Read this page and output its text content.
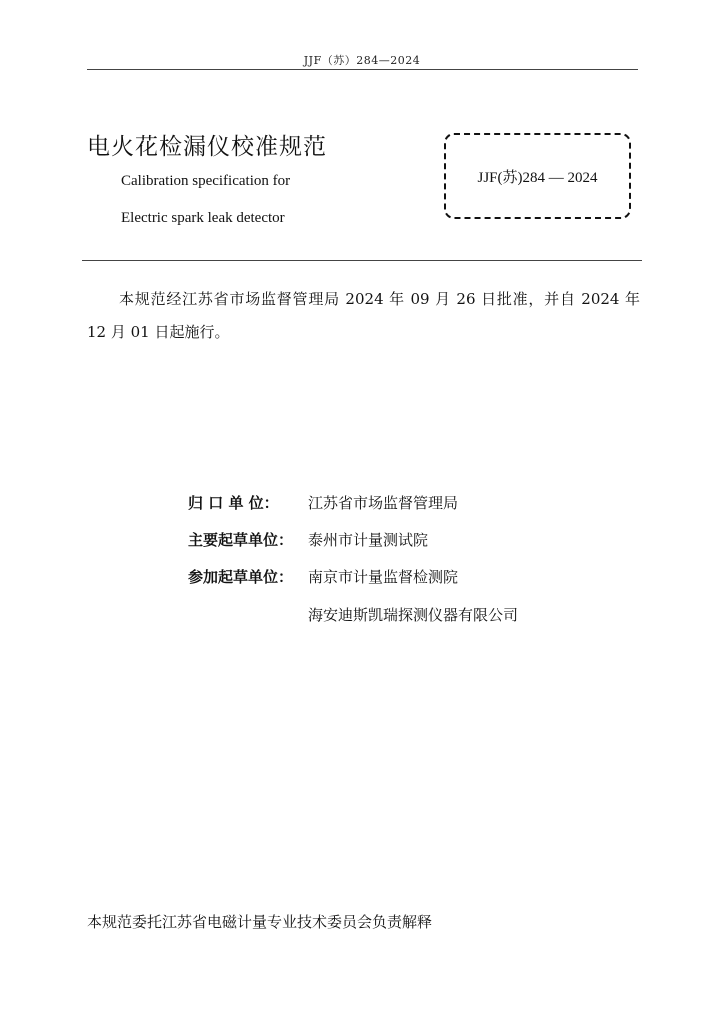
JJF（苏）284—2024
电火花检漏仪校准规范
Calibration specification for
Electric spark leak detector
JJF(苏)284 — 2024
本规范经江苏省市场监督管理局 2024 年 09 月 26 日批准，并自 2024 年 12 月 01 日起施行。
归 口 单 位： 江苏省市场监督管理局
主要起草单位： 泰州市计量测试院
参加起草单位： 南京市计量监督检测院
海安迪斯凯瑞探测仪器有限公司
本规范委托江苏省电磁计量专业技术委员会负责解释
